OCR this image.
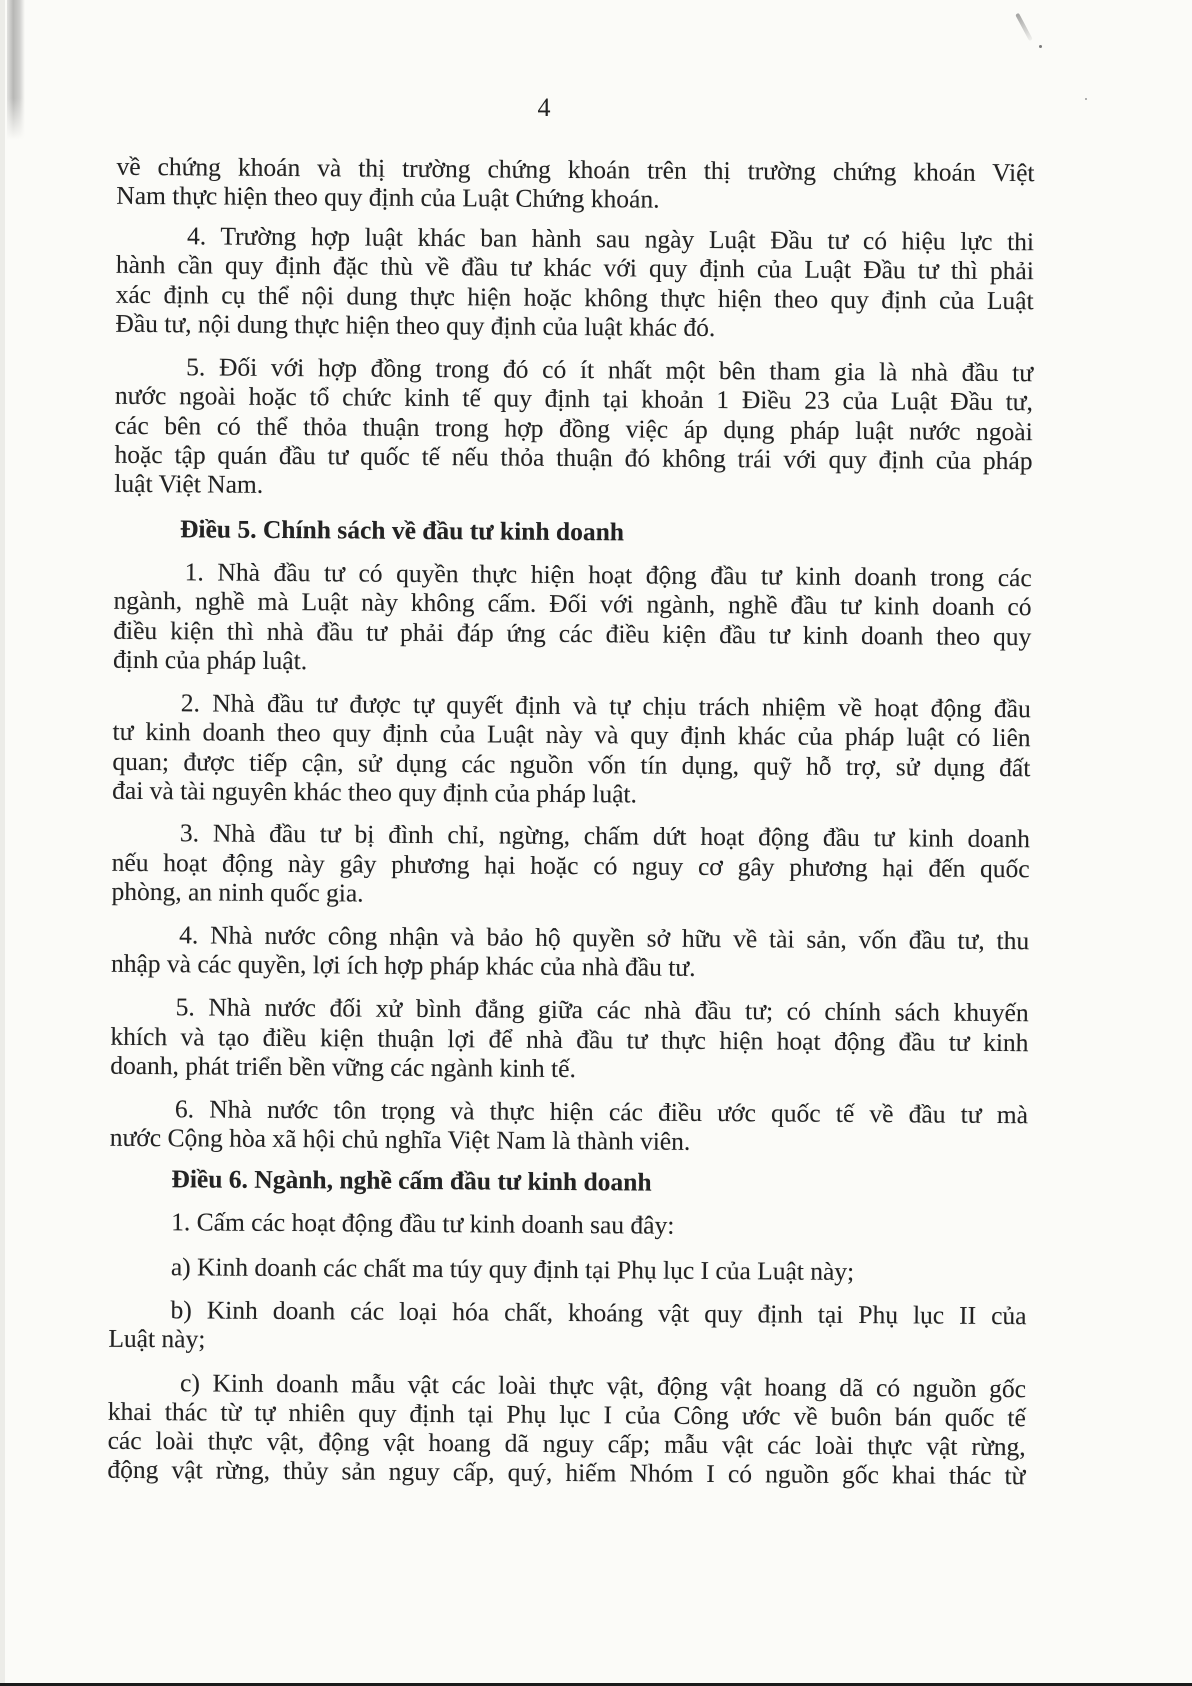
4
về chứng khoán và thị trường chứng khoán trên thị trường chứng khoán Việt
Nam thực hiện theo quy định của Luật Chứng khoán.
4. Trường hợp luật khác ban hành sau ngày Luật Đầu tư có hiệu lực thi
hành cần quy định đặc thù về đầu tư khác với quy định của Luật Đầu tư thì phải
xác định cụ thể nội dung thực hiện hoặc không thực hiện theo quy định của Luật
Đầu tư, nội dung thực hiện theo quy định của luật khác đó.
5. Đối với hợp đồng trong đó có ít nhất một bên tham gia là nhà đầu tư
nước ngoài hoặc tổ chức kinh tế quy định tại khoản 1 Điều 23 của Luật Đầu tư,
các bên có thể thỏa thuận trong hợp đồng việc áp dụng pháp luật nước ngoài
hoặc tập quán đầu tư quốc tế nếu thỏa thuận đó không trái với quy định của pháp
luật Việt Nam.
Điều 5. Chính sách về đầu tư kinh doanh
1. Nhà đầu tư có quyền thực hiện hoạt động đầu tư kinh doanh trong các
ngành, nghề mà Luật này không cấm. Đối với ngành, nghề đầu tư kinh doanh có
điều kiện thì nhà đầu tư phải đáp ứng các điều kiện đầu tư kinh doanh theo quy
định của pháp luật.
2. Nhà đầu tư được tự quyết định và tự chịu trách nhiệm về hoạt động đầu
tư kinh doanh theo quy định của Luật này và quy định khác của pháp luật có liên
quan; được tiếp cận, sử dụng các nguồn vốn tín dụng, quỹ hỗ trợ, sử dụng đất
đai và tài nguyên khác theo quy định của pháp luật.
3. Nhà đầu tư bị đình chỉ, ngừng, chấm dứt hoạt động đầu tư kinh doanh
nếu hoạt động này gây phương hại hoặc có nguy cơ gây phương hại đến quốc
phòng, an ninh quốc gia.
4. Nhà nước công nhận và bảo hộ quyền sở hữu về tài sản, vốn đầu tư, thu
nhập và các quyền, lợi ích hợp pháp khác của nhà đầu tư.
5. Nhà nước đối xử bình đẳng giữa các nhà đầu tư; có chính sách khuyến
khích và tạo điều kiện thuận lợi để nhà đầu tư thực hiện hoạt động đầu tư kinh
doanh, phát triển bền vững các ngành kinh tế.
6. Nhà nước tôn trọng và thực hiện các điều ước quốc tế về đầu tư mà
nước Cộng hòa xã hội chủ nghĩa Việt Nam là thành viên.
Điều 6. Ngành, nghề cấm đầu tư kinh doanh
1. Cấm các hoạt động đầu tư kinh doanh sau đây:
a) Kinh doanh các chất ma túy quy định tại Phụ lục I của Luật này;
b) Kinh doanh các loại hóa chất, khoáng vật quy định tại Phụ lục II của
Luật này;
c) Kinh doanh mẫu vật các loài thực vật, động vật hoang dã có nguồn gốc
khai thác từ tự nhiên quy định tại Phụ lục I của Công ước về buôn bán quốc tế
các loài thực vật, động vật hoang dã nguy cấp; mẫu vật các loài thực vật rừng,
động vật rừng, thủy sản nguy cấp, quý, hiếm Nhóm I có nguồn gốc khai thác từ
